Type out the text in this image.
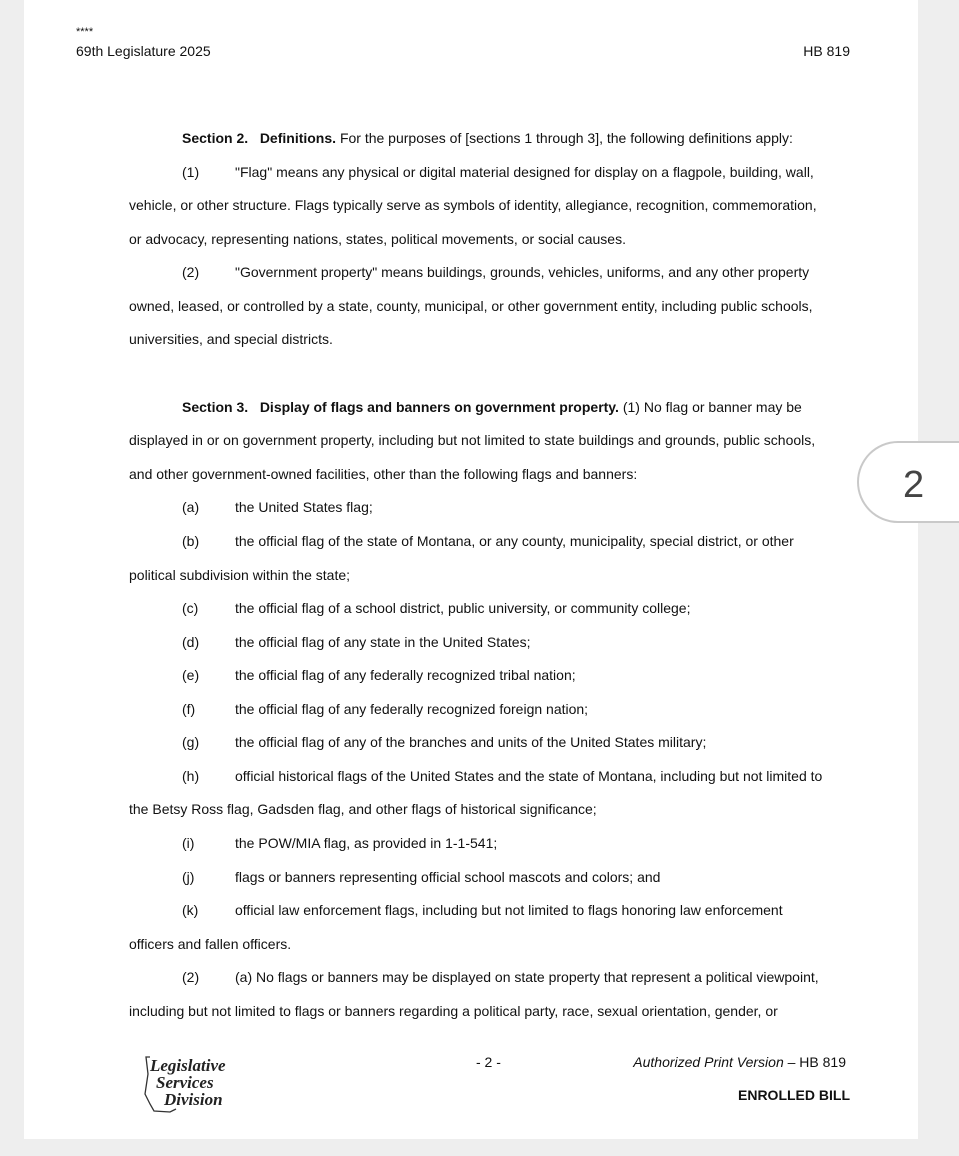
****
69th Legislature 2025	HB 819
Section 2. Definitions. For the purposes of [sections 1 through 3], the following definitions apply:
(1)	"Flag" means any physical or digital material designed for display on a flagpole, building, wall,
vehicle, or other structure. Flags typically serve as symbols of identity, allegiance, recognition, commemoration,
or advocacy, representing nations, states, political movements, or social causes.
(2)	"Government property" means buildings, grounds, vehicles, uniforms, and any other property
owned, leased, or controlled by a state, county, municipal, or other government entity, including public schools,
universities, and special districts.
Section 3. Display of flags and banners on government property. (1) No flag or banner may be
displayed in or on government property, including but not limited to state buildings and grounds, public schools,
and other government-owned facilities, other than the following flags and banners:
(a)	the United States flag;
(b)	the official flag of the state of Montana, or any county, municipality, special district, or other
political subdivision within the state;
(c)	the official flag of a school district, public university, or community college;
(d)	the official flag of any state in the United States;
(e)	the official flag of any federally recognized tribal nation;
(f)	the official flag of any federally recognized foreign nation;
(g)	the official flag of any of the branches and units of the United States military;
(h)	official historical flags of the United States and the state of Montana, including but not limited to
the Betsy Ross flag, Gadsden flag, and other flags of historical significance;
(i)	the POW/MIA flag, as provided in 1-1-541;
(j)	flags or banners representing official school mascots and colors; and
(k)	official law enforcement flags, including but not limited to flags honoring law enforcement
officers and fallen officers.
(2)	(a) No flags or banners may be displayed on state property that represent a political viewpoint,
including but not limited to flags or banners regarding a political party, race, sexual orientation, gender, or
Legislative
Services
Division
- 2 -	Authorized Print Version – HB 819
ENROLLED BILL
2
